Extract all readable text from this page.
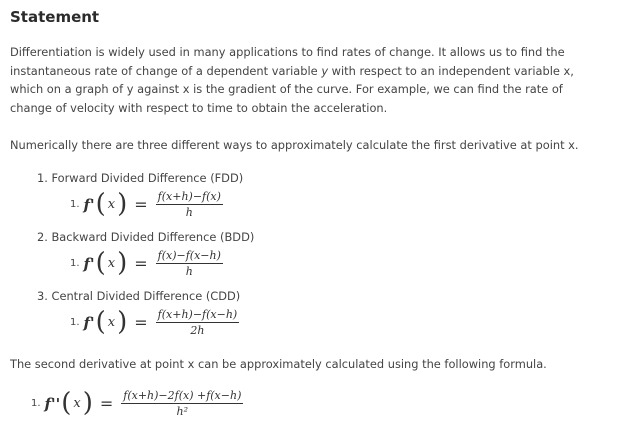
Statement
Differentiation is widely used in many applications to find rates of change. It allows us to find the
instantaneous rate of change of a dependent variable y with respect to an independent variable x,
which on a graph of y against x is the gradient of the curve. For example, we can find the rate of
change of velocity with respect to time to obtain the acceleration.
Numerically there are three different ways to approximately calculate the first derivative at point x.
1. Forward Divided Difference (FDD)
1. f' ( x ) = $\frac{f(x+h)-f(x)}{h}$
2. Backward Divided Difference (BDD)
1. f' ( x ) = $\frac{f(x)-f(x-h)}{h}$
3. Central Divided Difference (CDD)
1. f' ( x ) = $\frac{f(x+h)-f(x-h)}{2h}$
The second derivative at point x can be approximately calculated using the following formula.
1. f'' ( x ) = $\frac{f(x+h)-2f(x) +f(x-h)}{\text{h²}}$
